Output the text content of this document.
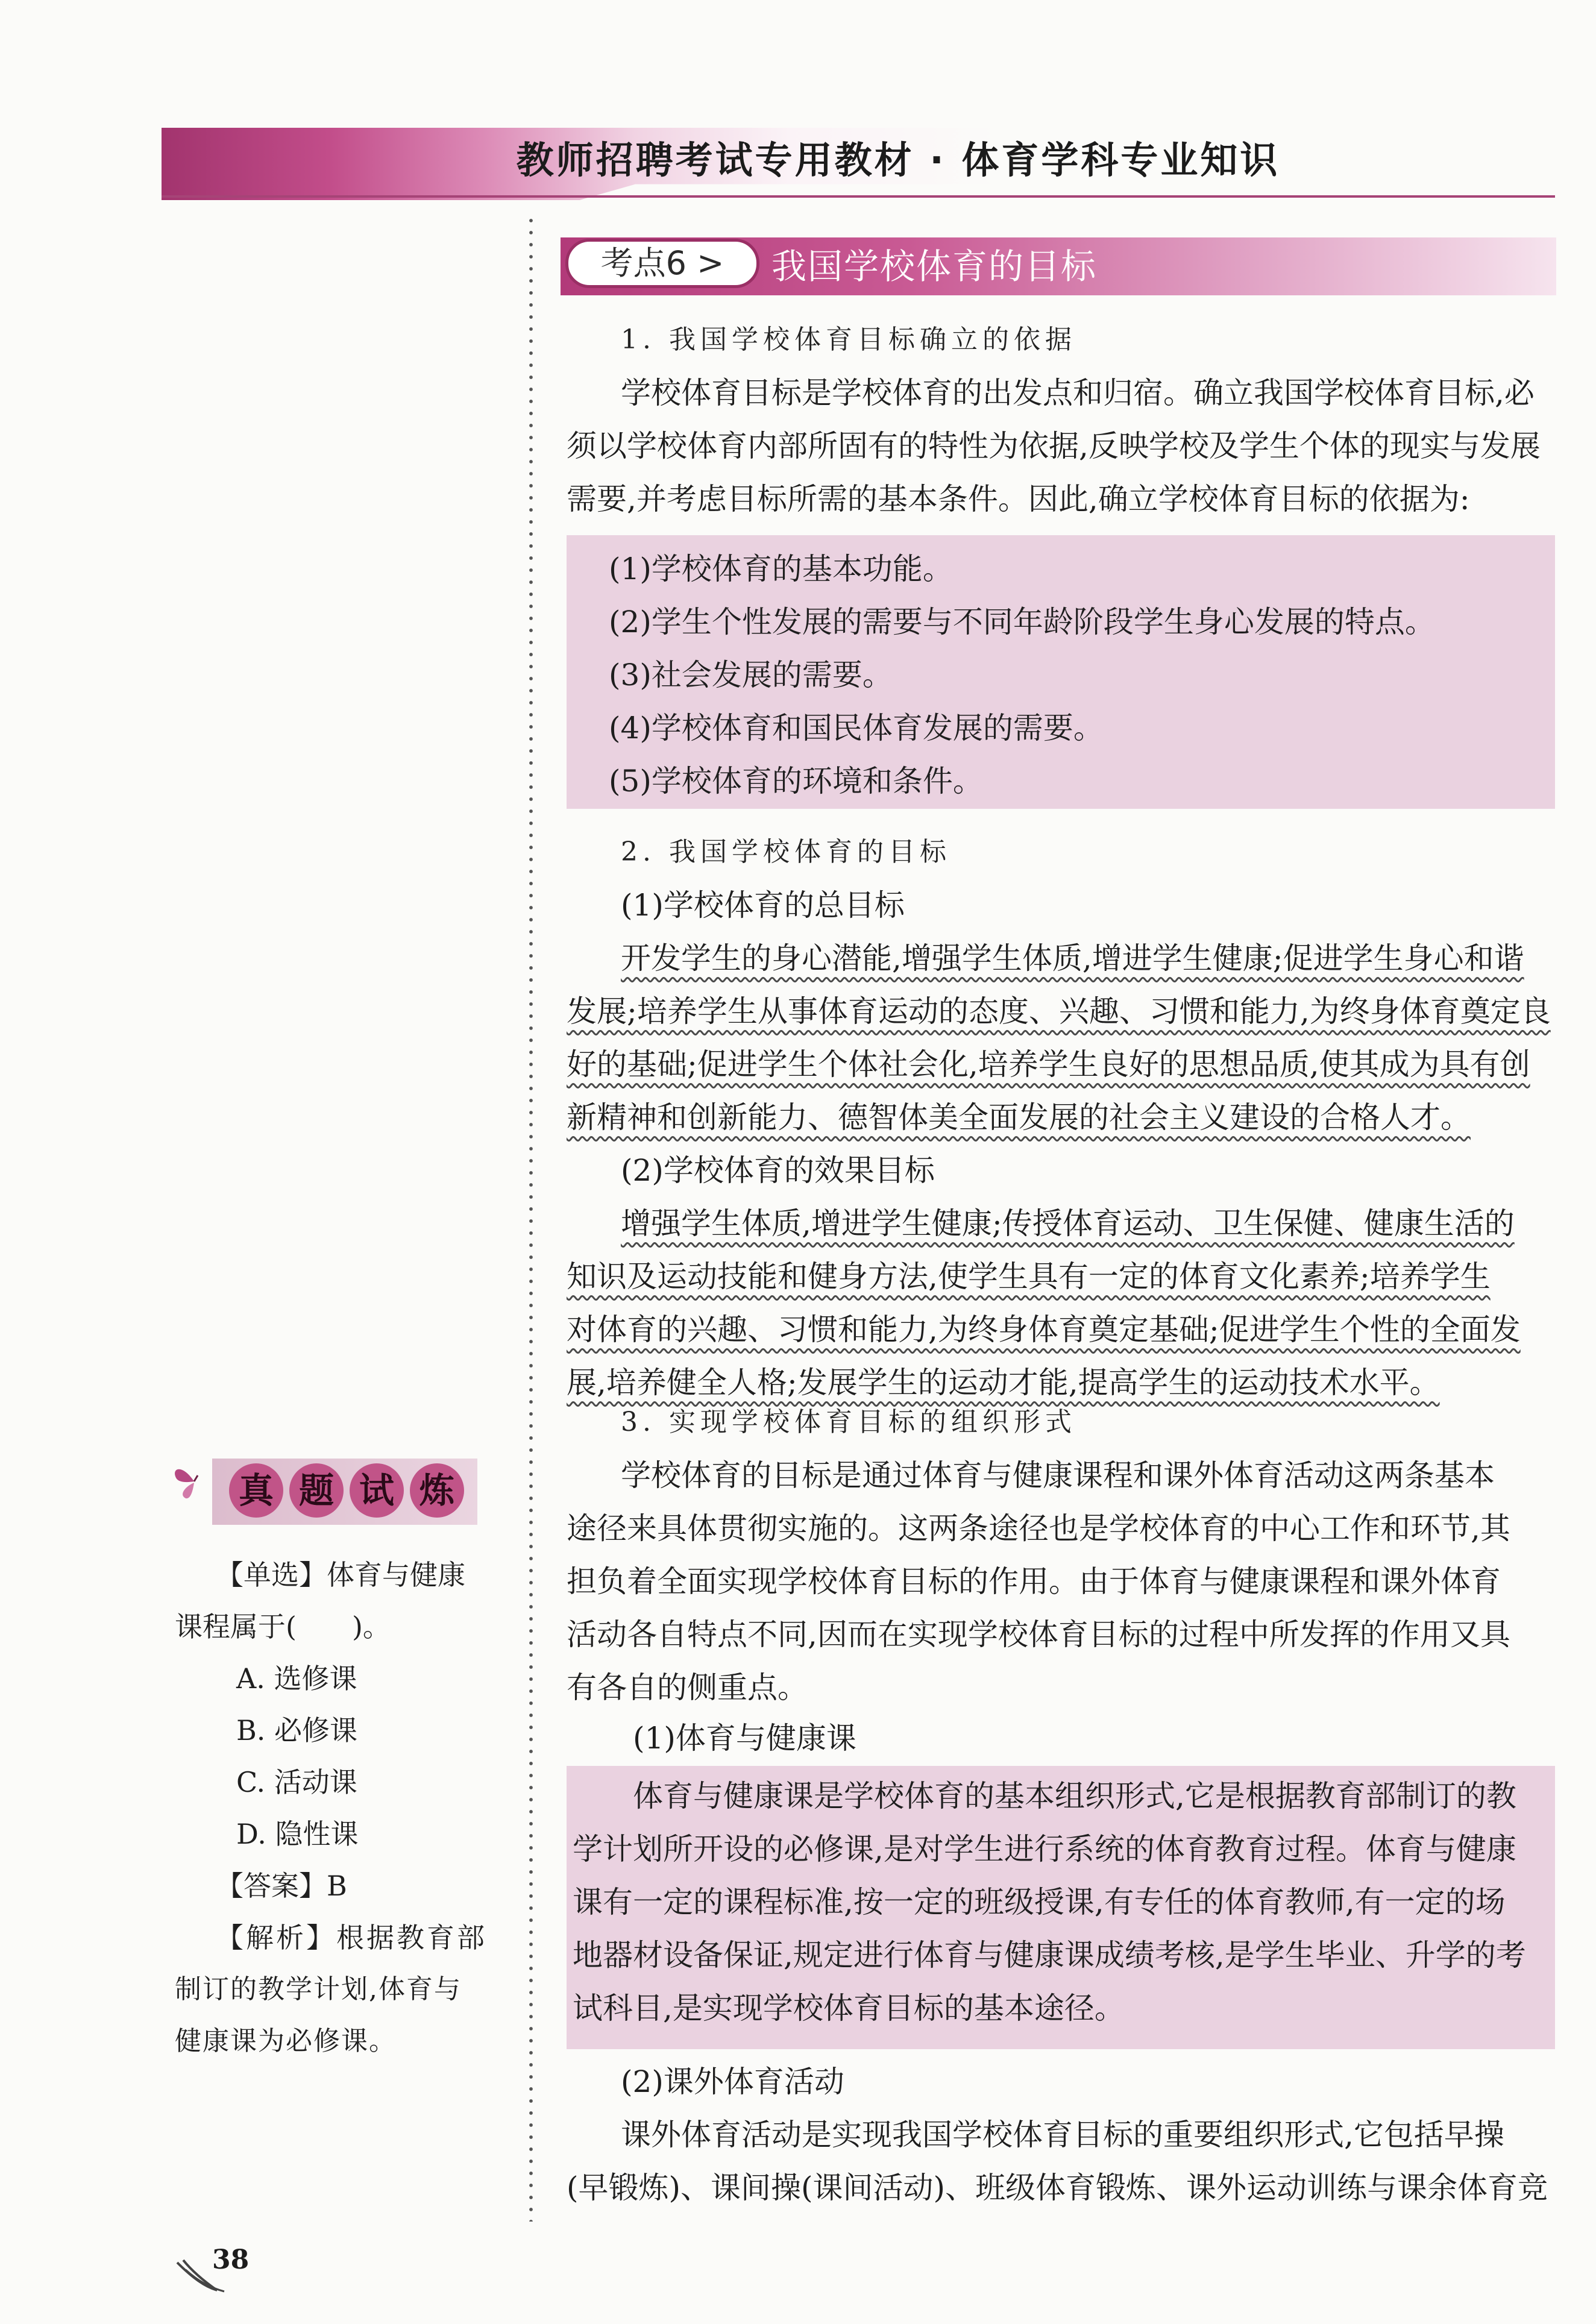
教师招聘考试专用教材 · 体育学科专业知识
考点6 >	我国学校体育的目标
1. 我国学校体育目标确立的依据
学校体育目标是学校体育的出发点和归宿。确立我国学校体育目标,必
须以学校体育内部所固有的特性为依据,反映学校及学生个体的现实与发展
需要,并考虑目标所需的基本条件。因此,确立学校体育目标的依据为:
(1)学校体育的基本功能。
(2)学生个性发展的需要与不同年龄阶段学生身心发展的特点。
(3)社会发展的需要。
(4)学校体育和国民体育发展的需要。
(5)学校体育的环境和条件。
2. 我国学校体育的目标
(1)学校体育的总目标
开发学生的身心潜能,增强学生体质,增进学生健康;促进学生身心和谐
发展;培养学生从事体育运动的态度、兴趣、习惯和能力,为终身体育奠定良
好的基础;促进学生个体社会化,培养学生良好的思想品质,使其成为具有创
新精神和创新能力、德智体美全面发展的社会主义建设的合格人才。
(2)学校体育的效果目标
增强学生体质,增进学生健康;传授体育运动、卫生保健、健康生活的
知识及运动技能和健身方法,使学生具有一定的体育文化素养;培养学生
对体育的兴趣、习惯和能力,为终身体育奠定基础;促进学生个性的全面发
展,培养健全人格;发展学生的运动才能,提高学生的运动技术水平。
3. 实现学校体育目标的组织形式
学校体育的目标是通过体育与健康课程和课外体育活动这两条基本
途径来具体贯彻实施的。这两条途径也是学校体育的中心工作和环节,其
担负着全面实现学校体育目标的作用。由于体育与健康课程和课外体育
活动各自特点不同,因而在实现学校体育目标的过程中所发挥的作用又具
有各自的侧重点。
(1)体育与健康课
体育与健康课是学校体育的基本组织形式,它是根据教育部制订的教
学计划所开设的必修课,是对学生进行系统的体育教育过程。体育与健康
课有一定的课程标准,按一定的班级授课,有专任的体育教师,有一定的场
地器材设备保证,规定进行体育与健康课成绩考核,是学生毕业、升学的考
试科目,是实现学校体育目标的基本途径。
(2)课外体育活动
课外体育活动是实现我国学校体育目标的重要组织形式,它包括早操
(早锻炼)、课间操(课间活动)、班级体育锻炼、课外运动训练与课余体育竞
真 题 试 炼
【单选】体育与健康
课程属于(　　)。
A. 选修课
B. 必修课
C. 活动课
D. 隐性课
【答案】B
【解析】根据教育部
制订的教学计划,体育与
健康课为必修课。
38
